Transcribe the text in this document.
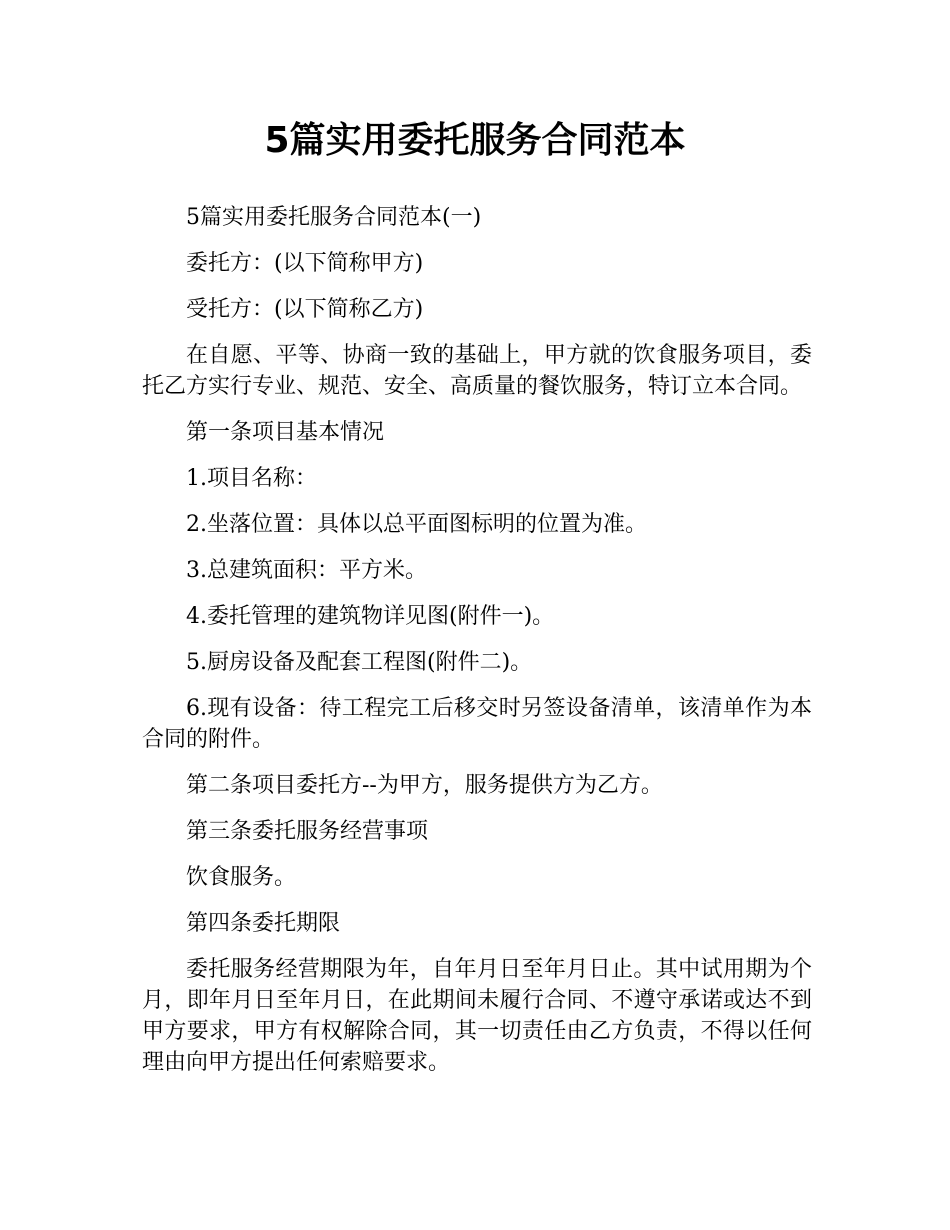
5篇实用委托服务合同范本

5篇实用委托服务合同范本(一)

委托方：(以下简称甲方)

受托方：(以下简称乙方)

在自愿、平等、协商一致的基础上，甲方就的饮食服务项目，委托乙方实行专业、规范、安全、高质量的餐饮服务，特订立本合同。

第一条项目基本情况

1.项目名称：

2.坐落位置：具体以总平面图标明的位置为准。

3.总建筑面积：平方米。

4.委托管理的建筑物详见图(附件一)。

5.厨房设备及配套工程图(附件二)。

6.现有设备：待工程完工后移交时另签设备清单，该清单作为本合同的附件。

第二条项目委托方--为甲方，服务提供方为乙方。

第三条委托服务经营事项

饮食服务。

第四条委托期限

委托服务经营期限为年，自年月日至年月日止。其中试用期为个月，即年月日至年月日，在此期间未履行合同、不遵守承诺或达不到甲方要求，甲方有权解除合同，其一切责任由乙方负责，不得以任何理由向甲方提出任何索赔要求。
